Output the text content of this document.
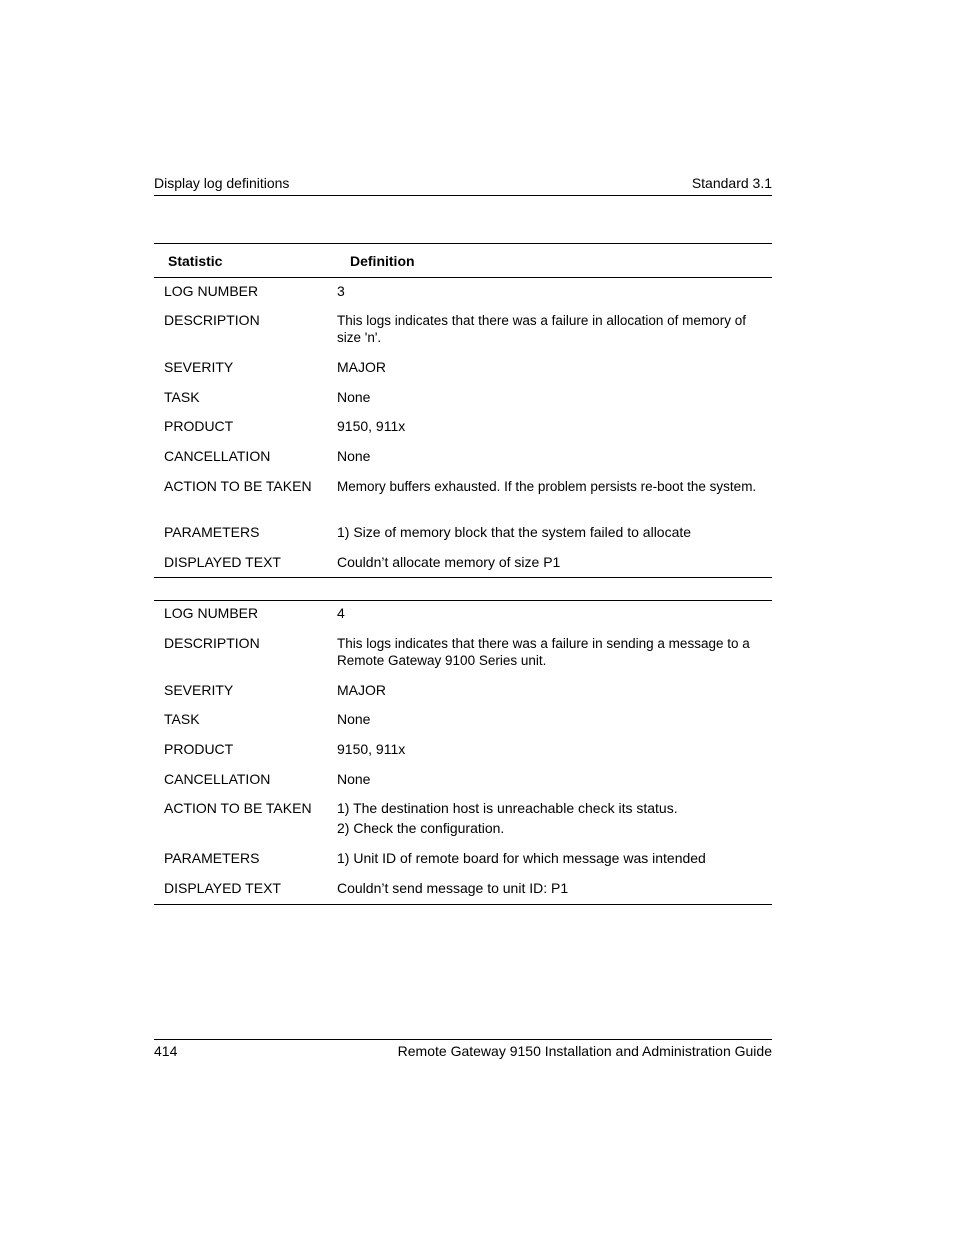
Display log definitions	Standard 3.1
Statistic	Definition
LOG NUMBER	3
DESCRIPTION	This logs indicates that there was a failure in allocation of memory of size 'n'.
SEVERITY	MAJOR
TASK	None
PRODUCT	9150, 911x
CANCELLATION	None
ACTION TO BE TAKEN	Memory buffers exhausted. If the problem persists re-boot the system.
PARAMETERS	1) Size of memory block that the system failed to allocate
DISPLAYED TEXT	Couldn’t allocate memory of size P1
LOG NUMBER	4
DESCRIPTION	This logs indicates that there was a failure in sending a message to a Remote Gateway 9100 Series unit.
SEVERITY	MAJOR
TASK	None
PRODUCT	9150, 911x
CANCELLATION	None
ACTION TO BE TAKEN	1) The destination host is unreachable check its status.
2) Check the configuration.
PARAMETERS	1) Unit ID of remote board for which message was intended
DISPLAYED TEXT	Couldn’t send message to unit ID: P1
414	Remote Gateway 9150 Installation and Administration Guide
